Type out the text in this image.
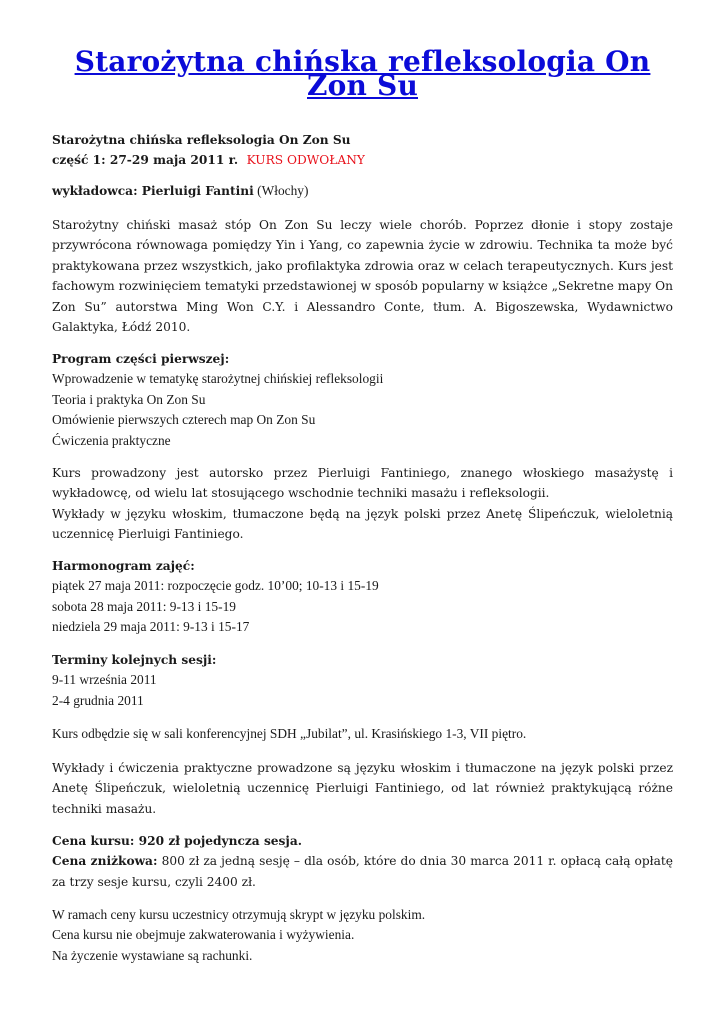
Starożytna chińska refleksologia On Zon Su
Starożytna chińska refleksologia On Zon Su
część 1: 27-29 maja 2011 r. KURS ODWOŁANY
wykładowca: Pierluigi Fantini (Włochy)

Starożytny chiński masaż stóp On Zon Su leczy wiele chorób. Poprzez dłonie i stopy zostaje przywrócona równowaga pomiędzy Yin i Yang, co zapewnia życie w zdrowiu. Technika ta może być praktykowana przez wszystkich, jako profilaktyka zdrowia oraz w celach terapeutycznych. Kurs jest fachowym rozwinięciem tematyki przedstawionej w sposób popularny w książce „Sekretne mapy On Zon Su” autorstwa Ming Won C.Y. i Alessandro Conte, tłum. A. Bigoszewska, Wydawnictwo Galaktyka, Łódź 2010.

Program części pierwszej:
Wprowadzenie w tematykę starożytnej chińskiej refleksologii
Teoria i praktyka On Zon Su
Omówienie pierwszych czterech map On Zon Su
Ćwiczenia praktyczne
Kurs prowadzony jest autorsko przez Pierluigi Fantiniego, znanego włoskiego masażystę i wykładowcę, od wielu lat stosującego wschodnie techniki masażu i refleksologii.
Wykłady w języku włoskim, tłumaczone będą na język polski przez Anetę Ślipeńczuk, wieloletnią uczennicę Pierluigi Fantiniego.
Harmonogram zajęć:
piątek 27 maja 2011: rozpoczęcie godz. 10’00; 10-13 i 15-19
sobota 28 maja 2011: 9-13 i 15-19
niedziela 29 maja 2011: 9-13 i 15-17
Terminy kolejnych sesji:
9-11 września 2011
2-4 grudnia 2011

Kurs odbędzie się w sali konferencyjnej SDH „Jubilat”, ul. Krasińskiego 1-3, VII piętro.

Wykłady i ćwiczenia praktyczne prowadzone są języku włoskim i tłumaczone na język polski przez Anetę Ślipeńczuk, wieloletnią uczennicę Pierluigi Fantiniego, od lat również praktykującą różne techniki masażu.

Cena kursu: 920 zł pojedyncza sesja.
Cena zniżkowa: 800 zł za jedną sesję – dla osób, które do dnia 30 marca 2011 r. opłacą całą opłatę za trzy sesje kursu, czyli 2400 zł.
W ramach ceny kursu uczestnicy otrzymują skrypt w języku polskim.
Cena kursu nie obejmuje zakwaterowania i wyżywienia.
Na życzenie wystawiane są rachunki.
